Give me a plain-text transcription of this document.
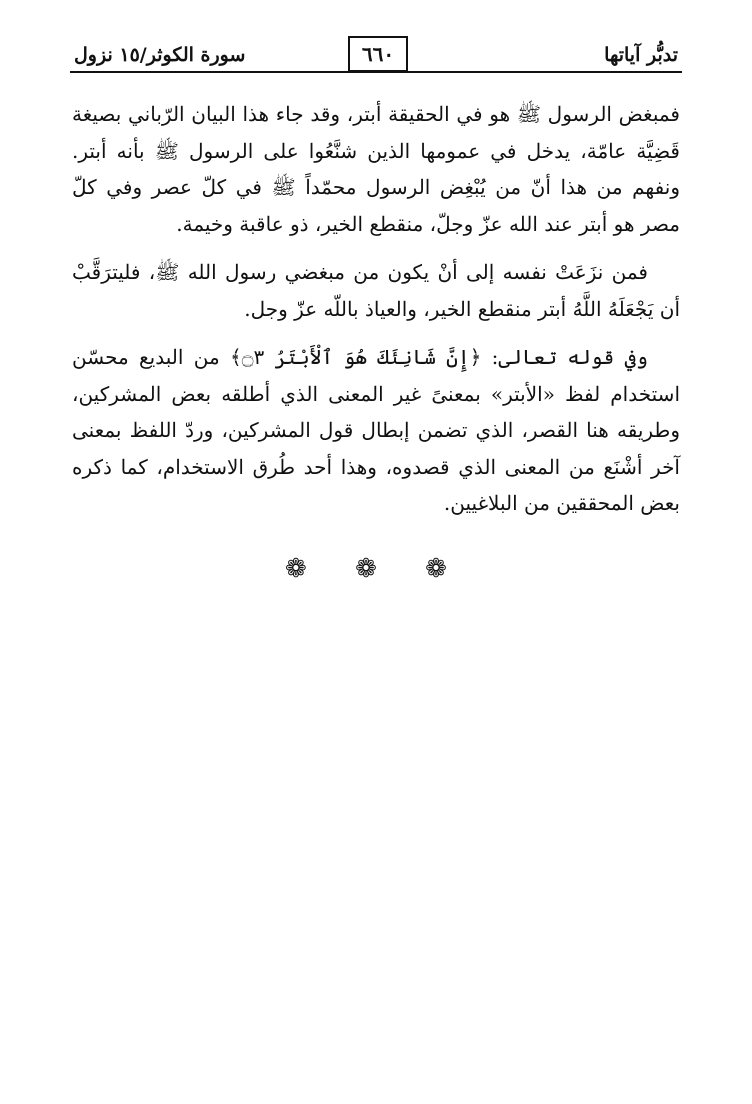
تدبُّر آياتها
٦٦٠
سورة الكوثر/١٥ نزول

فمبغض الرسول ﷺ هو في الحقيقة أبتر، وقد جاء هذا البيان الرّباني بصيغة قَضِيَّة عامّة، يدخل في عمومها الذين شنَّعُوا على الرسول ﷺ بأنه أبتر. ونفهم من هذا أنّ من يُبْغِض الرسول محمّداً ﷺ في كلّ عصر وفي كلّ مصر هو أبتر عند الله عزّ وجلّ، منقطع الخير، ذو عاقبة وخيمة.

فمن نزَعَتْ نفسه إلى أنْ يكون من مبغضي رسول الله ﷺ، فليترَقَّبْ أن يَجْعَلَهُ اللَّهُ أبتر منقطع الخير، والعياذ باللّه عزّ وجل.

وفي قوله تعالى: ﴿إِنَّ شَانِئَكَ هُوَ ٱلْأَبْتَرُ ۝٣﴾ من البديع محسّن استخدام لفظ «الأبتر» بمعنىً غير المعنى الذي أطلقه بعض المشركين، وطريقه هنا القصر، الذي تضمن إبطال قول المشركين، وردّ اللفظ بمعنى آخر أشْنَع من المعنى الذي قصدوه، وهذا أحد طُرق الاستخدام، كما ذكره بعض المحققين من البلاغيين.

❁ ❁ ❁
